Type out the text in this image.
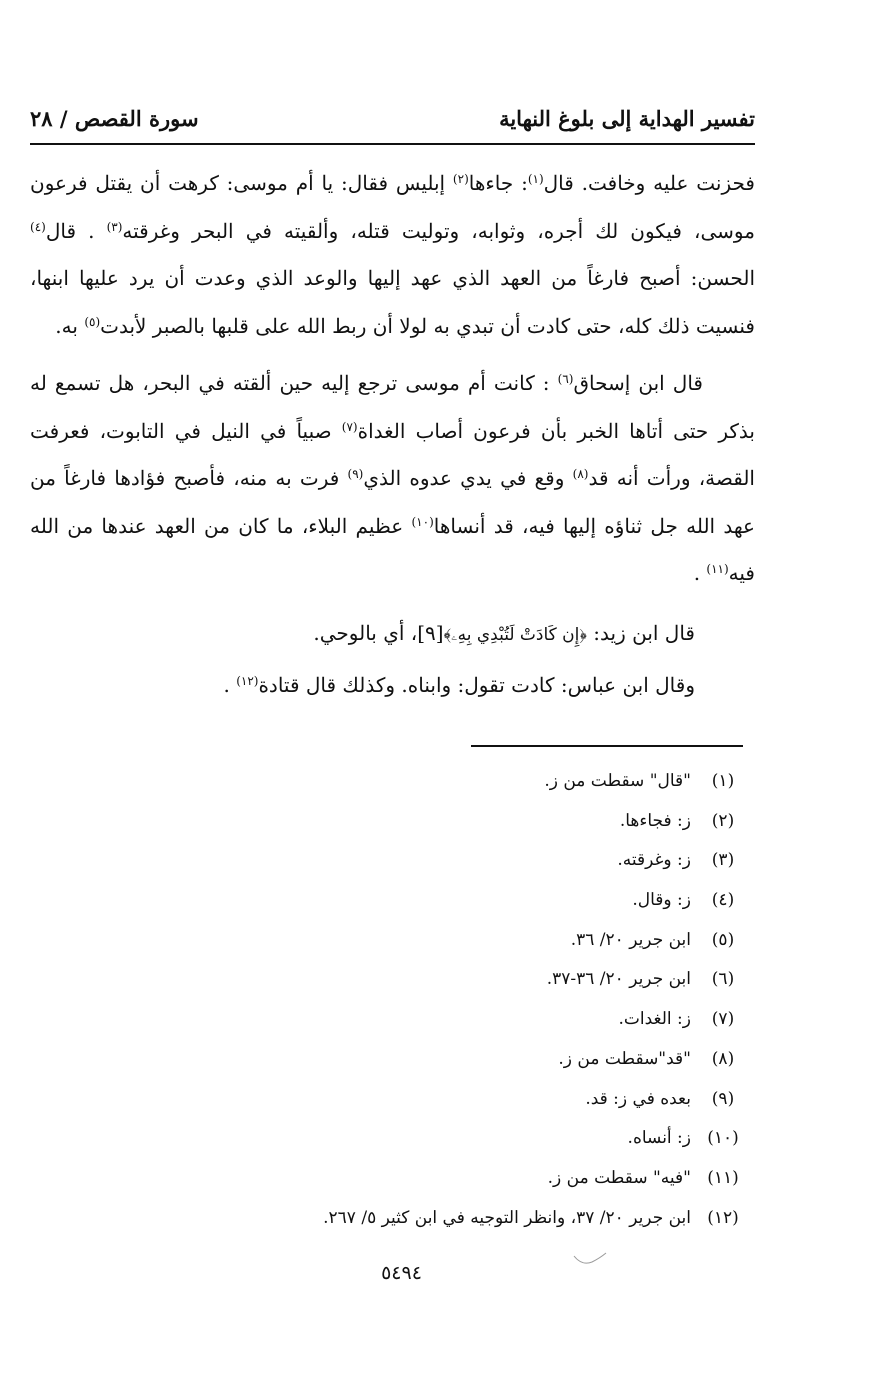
تفسير الهداية إلى بلوغ النهاية
سورة القصص / ٢٨

فحزنت عليه وخافت. قال$^{(١)}$: جاءها$^{(٢)}$ إبليس فقال: يا أم موسى: كرهت أن يقتل فرعون موسى، فيكون لك أجره، وثوابه، وتوليت قتله، وألقيته في البحر وغرقته$^{(٣)}$ . قال$^{(٤)}$ الحسن: أصبح فارغاً من العهد الذي عهد إليها والوعد الذي وعدت أن يرد عليها ابنها، فنسيت ذلك كله، حتى كادت أن تبدي به لولا أن ربط الله على قلبها بالصبر لأبدت$^{(٥)}$ به.

قال ابن إسحاق$^{(٦)}$ : كانت أم موسى ترجع إليه حين ألقته في البحر، هل تسمع له بذكر حتى أتاها الخبر بأن فرعون أصاب الغداة$^{(٧)}$ صبياً في النيل في التابوت، فعرفت القصة، ورأت أنه قد$^{(٨)}$ وقع في يدي عدوه الذي$^{(٩)}$ فرت به منه، فأصبح فؤادها فارغاً من عهد الله جل ثناؤه إليها فيه، قد أنساها$^{(١٠)}$ عظيم البلاء، ما كان من العهد عندها من الله فيه$^{(١١)}$ .

قال ابن زيد: ﴿إِن كَادَتْ لَتُبْدِي بِهِۦ﴾[٩]، أي بالوحي.

وقال ابن عباس: كادت تقول: وابناه. وكذلك قال قتادة$^{(١٢)}$ .

(١)
"قال" سقطت من ز.
(٢)
ز: فجاءها.
(٣)
ز: وغرقته.
(٤)
ز: وقال.
(٥)
ابن جرير ٢٠/ ٣٦.
(٦)
ابن جرير ٢٠/ ٣٦-٣٧.
(٧)
ز: الغدات.
(٨)
"قد"سقطت من ز.
(٩)
بعده في ز: قد.
(١٠)
ز: أنساه.
(١١)
"فيه" سقطت من ز.
(١٢)
ابن جرير ٢٠/ ٣٧، وانظر التوجيه في ابن كثير ٥/ ٢٦٧.
٥٤٩٤
